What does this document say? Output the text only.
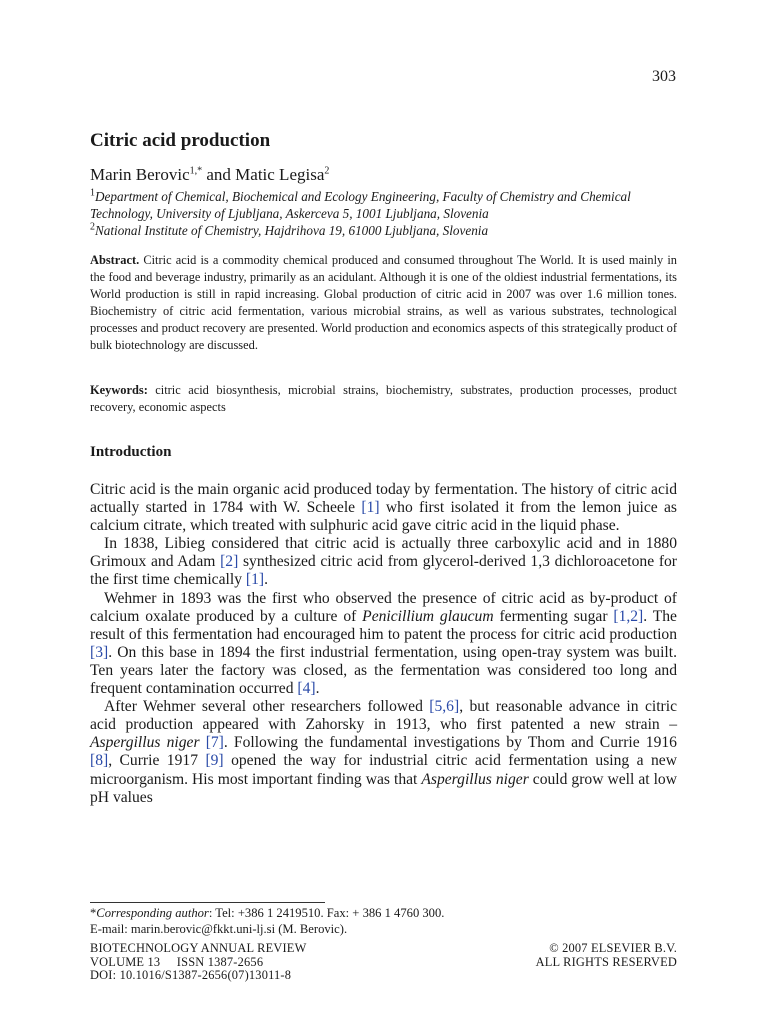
303
Citric acid production
Marin Berovic$^{1,*}$ and Matic Legisa$^2$
$^1$Department of Chemical, Biochemical and Ecology Engineering, Faculty of Chemistry and Chemical Technology, University of Ljubljana, Askerceva 5, 1001 Ljubljana, Slovenia
$^2$National Institute of Chemistry, Hajdrihova 19, 61000 Ljubljana, Slovenia

Abstract. Citric acid is a commodity chemical produced and consumed throughout The World. It is used mainly in the food and beverage industry, primarily as an acidulant. Although it is one of the oldiest industrial fermentations, its World production is still in rapid increasing. Global production of citric acid in 2007 was over 1.6 million tones. Biochemistry of citric acid fermentation, various microbial strains, as well as various substrates, technological processes and product recovery are presented. World production and economics aspects of this strategically product of bulk biotechnology are discussed.

Keywords: citric acid biosynthesis, microbial strains, biochemistry, substrates, production processes, product recovery, economic aspects

Introduction

Citric acid is the main organic acid produced today by fermentation. The history of citric acid actually started in 1784 with W. Scheele [1] who first isolated it from the lemon juice as calcium citrate, which treated with sulphuric acid gave citric acid in the liquid phase.

In 1838, Libieg considered that citric acid is actually three carboxylic acid and in 1880 Grimoux and Adam [2] synthesized citric acid from glycerol-derived 1,3 dichloroacetone for the first time chemically [1].

Wehmer in 1893 was the first who observed the presence of citric acid as by-product of calcium oxalate produced by a culture of Penicillium glaucum fermenting sugar [1,2]. The result of this fermentation had encouraged him to patent the process for citric acid production [3]. On this base in 1894 the first industrial fermentation, using open-tray system was built. Ten years later the factory was closed, as the fermentation was considered too long and frequent contamination occurred [4].

After Wehmer several other researchers followed [5,6], but reasonable advance in citric acid production appeared with Zahorsky in 1913, who first patented a new strain – Aspergillus niger [7]. Following the fundamental investigations by Thom and Currie 1916 [8], Currie 1917 [9] opened the way for industrial citric acid fermentation using a new microorganism. His most important finding was that Aspergillus niger could grow well at low pH values

*Corresponding author: Tel: +386 1 2419510. Fax: + 386 1 4760 300.
E-mail: marin.berovic@fkkt.uni-lj.si (M. Berovic).
BIOTECHNOLOGY ANNUAL REVIEW
VOLUME 13     ISSN 1387-2656
DOI: 10.1016/S1387-2656(07)13011-8
© 2007 ELSEVIER B.V.
ALL RIGHTS RESERVED
